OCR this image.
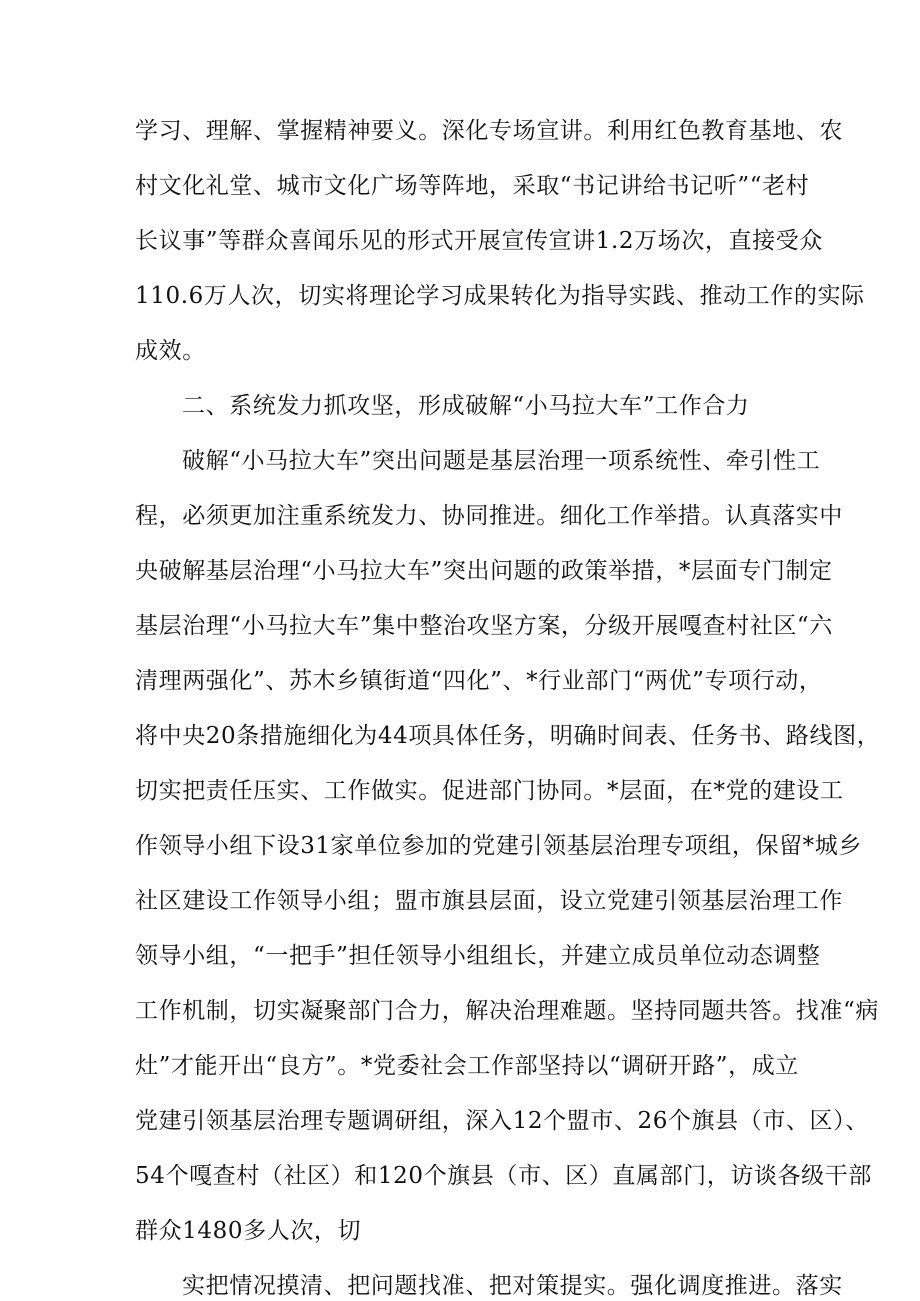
学习、理解、掌握精神要义。深化专场宣讲。利用红色教育基地、农
村文化礼堂、城市文化广场等阵地，采取“书记讲给书记听”“老村
长议事”等群众喜闻乐见的形式开展宣传宣讲1.2万场次，直接受众
110.6万人次，切实将理论学习成果转化为指导实践、推动工作的实际
成效。
二、系统发力抓攻坚，形成破解“小马拉大车”工作合力
破解“小马拉大车”突出问题是基层治理一项系统性、牵引性工
程，必须更加注重系统发力、协同推进。细化工作举措。认真落实中
央破解基层治理“小马拉大车”突出问题的政策举措，*层面专门制定
基层治理“小马拉大车”集中整治攻坚方案，分级开展嘎查村社区“六
清理两强化”、苏木乡镇街道“四化”、*行业部门“两优”专项行动，
将中央20条措施细化为44项具体任务，明确时间表、任务书、路线图，
切实把责任压实、工作做实。促进部门协同。*层面，在*党的建设工
作领导小组下设31家单位参加的党建引领基层治理专项组，保留*城乡
社区建设工作领导小组；盟市旗县层面，设立党建引领基层治理工作
领导小组，“一把手”担任领导小组组长，并建立成员单位动态调整
工作机制，切实凝聚部门合力，解决治理难题。坚持同题共答。找准“病
灶”才能开出“良方”。*党委社会工作部坚持以“调研开路”，成立
党建引领基层治理专题调研组，深入12个盟市、26个旗县（市、区）、
54个嘎查村（社区）和120个旗县（市、区）直属部门，访谈各级干部
群众1480多人次，切
实把情况摸清、把问题找准、把对策提实。强化调度推进。落实
